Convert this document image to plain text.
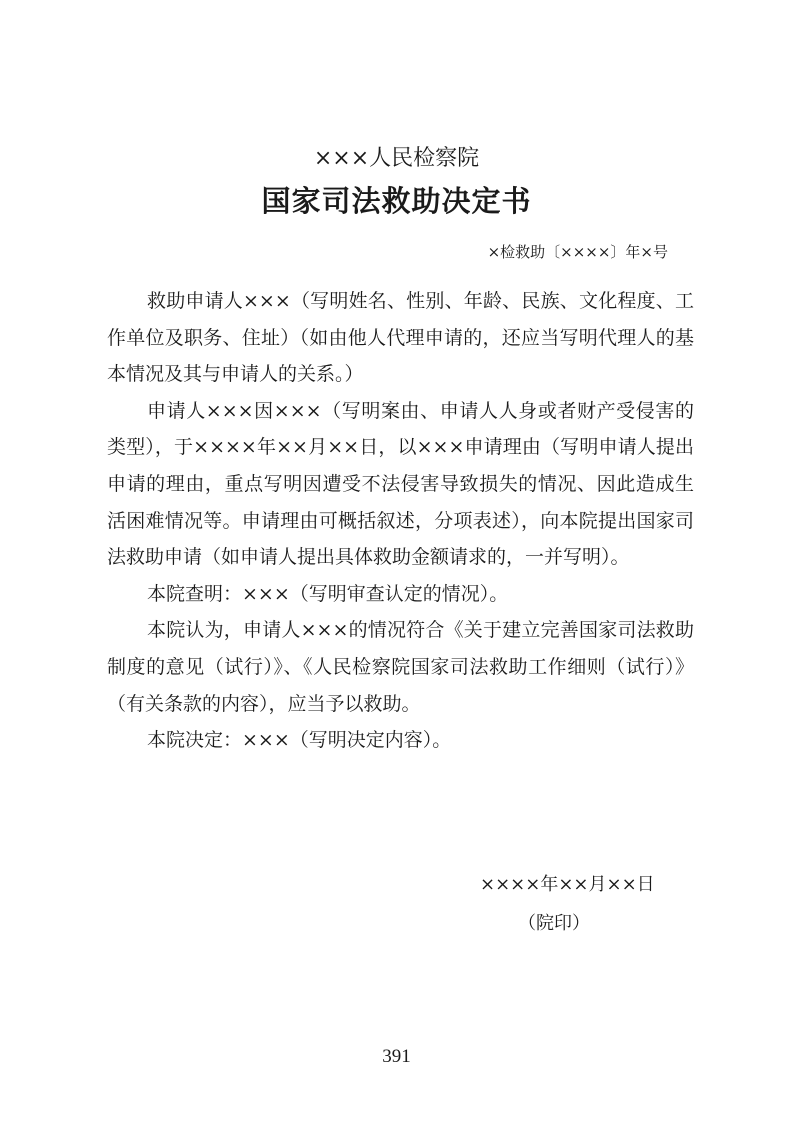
×××人民检察院
国家司法救助决定书
×检救助〔××××〕年×号

救助申请人×××（写明姓名、性别、年龄、民族、文化程度、工作单位及职务、住址）（如由他人代理申请的，还应当写明代理人的基本情况及其与申请人的关系。）

申请人×××因×××（写明案由、申请人人身或者财产受侵害的类型），于××××年××月××日，以×××申请理由（写明申请人提出申请的理由，重点写明因遭受不法侵害导致损失的情况、因此造成生活困难情况等。申请理由可概括叙述，分项表述），向本院提出国家司法救助申请（如申请人提出具体救助金额请求的，一并写明）。

本院查明：×××（写明审查认定的情况）。

本院认为，申请人×××的情况符合《关于建立完善国家司法救助制度的意见（试行）》、《人民检察院国家司法救助工作细则（试行）》（有关条款的内容），应当予以救助。

本院决定：×××（写明决定内容）。

××××年××月××日
（院印）
391
